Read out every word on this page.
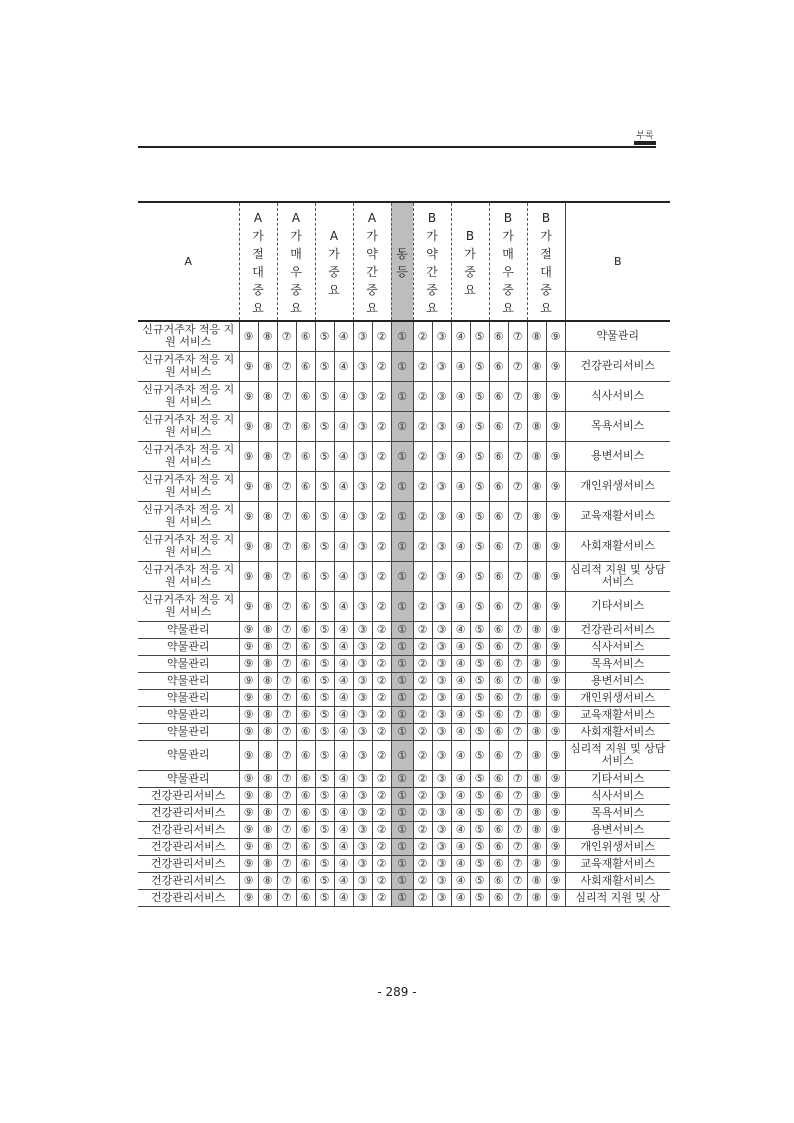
부록
A	A가절대중요		A가매우중요		A가중요		A가약간중요		동등	B가약간중요		B가중요		B가매우중요		B가절대중요		B
신규거주자 적응 지원 서비스	⑨	⑧	⑦	⑥	⑤	④	③	②	①	②	③	④	⑤	⑥	⑦	⑧	⑨	약물관리
신규거주자 적응 지원 서비스	⑨	⑧	⑦	⑥	⑤	④	③	②	①	②	③	④	⑤	⑥	⑦	⑧	⑨	건강관리서비스
신규거주자 적응 지원 서비스	⑨	⑧	⑦	⑥	⑤	④	③	②	①	②	③	④	⑤	⑥	⑦	⑧	⑨	식사서비스
신규거주자 적응 지원 서비스	⑨	⑧	⑦	⑥	⑤	④	③	②	①	②	③	④	⑤	⑥	⑦	⑧	⑨	목욕서비스
신규거주자 적응 지원 서비스	⑨	⑧	⑦	⑥	⑤	④	③	②	①	②	③	④	⑤	⑥	⑦	⑧	⑨	용변서비스
신규거주자 적응 지원 서비스	⑨	⑧	⑦	⑥	⑤	④	③	②	①	②	③	④	⑤	⑥	⑦	⑧	⑨	개인위생서비스
신규거주자 적응 지원 서비스	⑨	⑧	⑦	⑥	⑤	④	③	②	①	②	③	④	⑤	⑥	⑦	⑧	⑨	교육재활서비스
신규거주자 적응 지원 서비스	⑨	⑧	⑦	⑥	⑤	④	③	②	①	②	③	④	⑤	⑥	⑦	⑧	⑨	사회재활서비스
신규거주자 적응 지원 서비스	⑨	⑧	⑦	⑥	⑤	④	③	②	①	②	③	④	⑤	⑥	⑦	⑧	⑨	심리적 지원 및 상담서비스
신규거주자 적응 지원 서비스	⑨	⑧	⑦	⑥	⑤	④	③	②	①	②	③	④	⑤	⑥	⑦	⑧	⑨	기타서비스
약물관리	⑨	⑧	⑦	⑥	⑤	④	③	②	①	②	③	④	⑤	⑥	⑦	⑧	⑨	건강관리서비스
약물관리	⑨	⑧	⑦	⑥	⑤	④	③	②	①	②	③	④	⑤	⑥	⑦	⑧	⑨	식사서비스
약물관리	⑨	⑧	⑦	⑥	⑤	④	③	②	①	②	③	④	⑤	⑥	⑦	⑧	⑨	목욕서비스
약물관리	⑨	⑧	⑦	⑥	⑤	④	③	②	①	②	③	④	⑤	⑥	⑦	⑧	⑨	용변서비스
약물관리	⑨	⑧	⑦	⑥	⑤	④	③	②	①	②	③	④	⑤	⑥	⑦	⑧	⑨	개인위생서비스
약물관리	⑨	⑧	⑦	⑥	⑤	④	③	②	①	②	③	④	⑤	⑥	⑦	⑧	⑨	교육재활서비스
약물관리	⑨	⑧	⑦	⑥	⑤	④	③	②	①	②	③	④	⑤	⑥	⑦	⑧	⑨	사회재활서비스
약물관리	⑨	⑧	⑦	⑥	⑤	④	③	②	①	②	③	④	⑤	⑥	⑦	⑧	⑨	심리적 지원 및 상담서비스
약물관리	⑨	⑧	⑦	⑥	⑤	④	③	②	①	②	③	④	⑤	⑥	⑦	⑧	⑨	기타서비스
건강관리서비스	⑨	⑧	⑦	⑥	⑤	④	③	②	①	②	③	④	⑤	⑥	⑦	⑧	⑨	식사서비스
건강관리서비스	⑨	⑧	⑦	⑥	⑤	④	③	②	①	②	③	④	⑤	⑥	⑦	⑧	⑨	목욕서비스
건강관리서비스	⑨	⑧	⑦	⑥	⑤	④	③	②	①	②	③	④	⑤	⑥	⑦	⑧	⑨	용변서비스
건강관리서비스	⑨	⑧	⑦	⑥	⑤	④	③	②	①	②	③	④	⑤	⑥	⑦	⑧	⑨	개인위생서비스
건강관리서비스	⑨	⑧	⑦	⑥	⑤	④	③	②	①	②	③	④	⑤	⑥	⑦	⑧	⑨	교육재활서비스
건강관리서비스	⑨	⑧	⑦	⑥	⑤	④	③	②	①	②	③	④	⑤	⑥	⑦	⑧	⑨	사회재활서비스
건강관리서비스	⑨	⑧	⑦	⑥	⑤	④	③	②	①	②	③	④	⑤	⑥	⑦	⑧	⑨	심리적 지원 및 상
- 289 -
